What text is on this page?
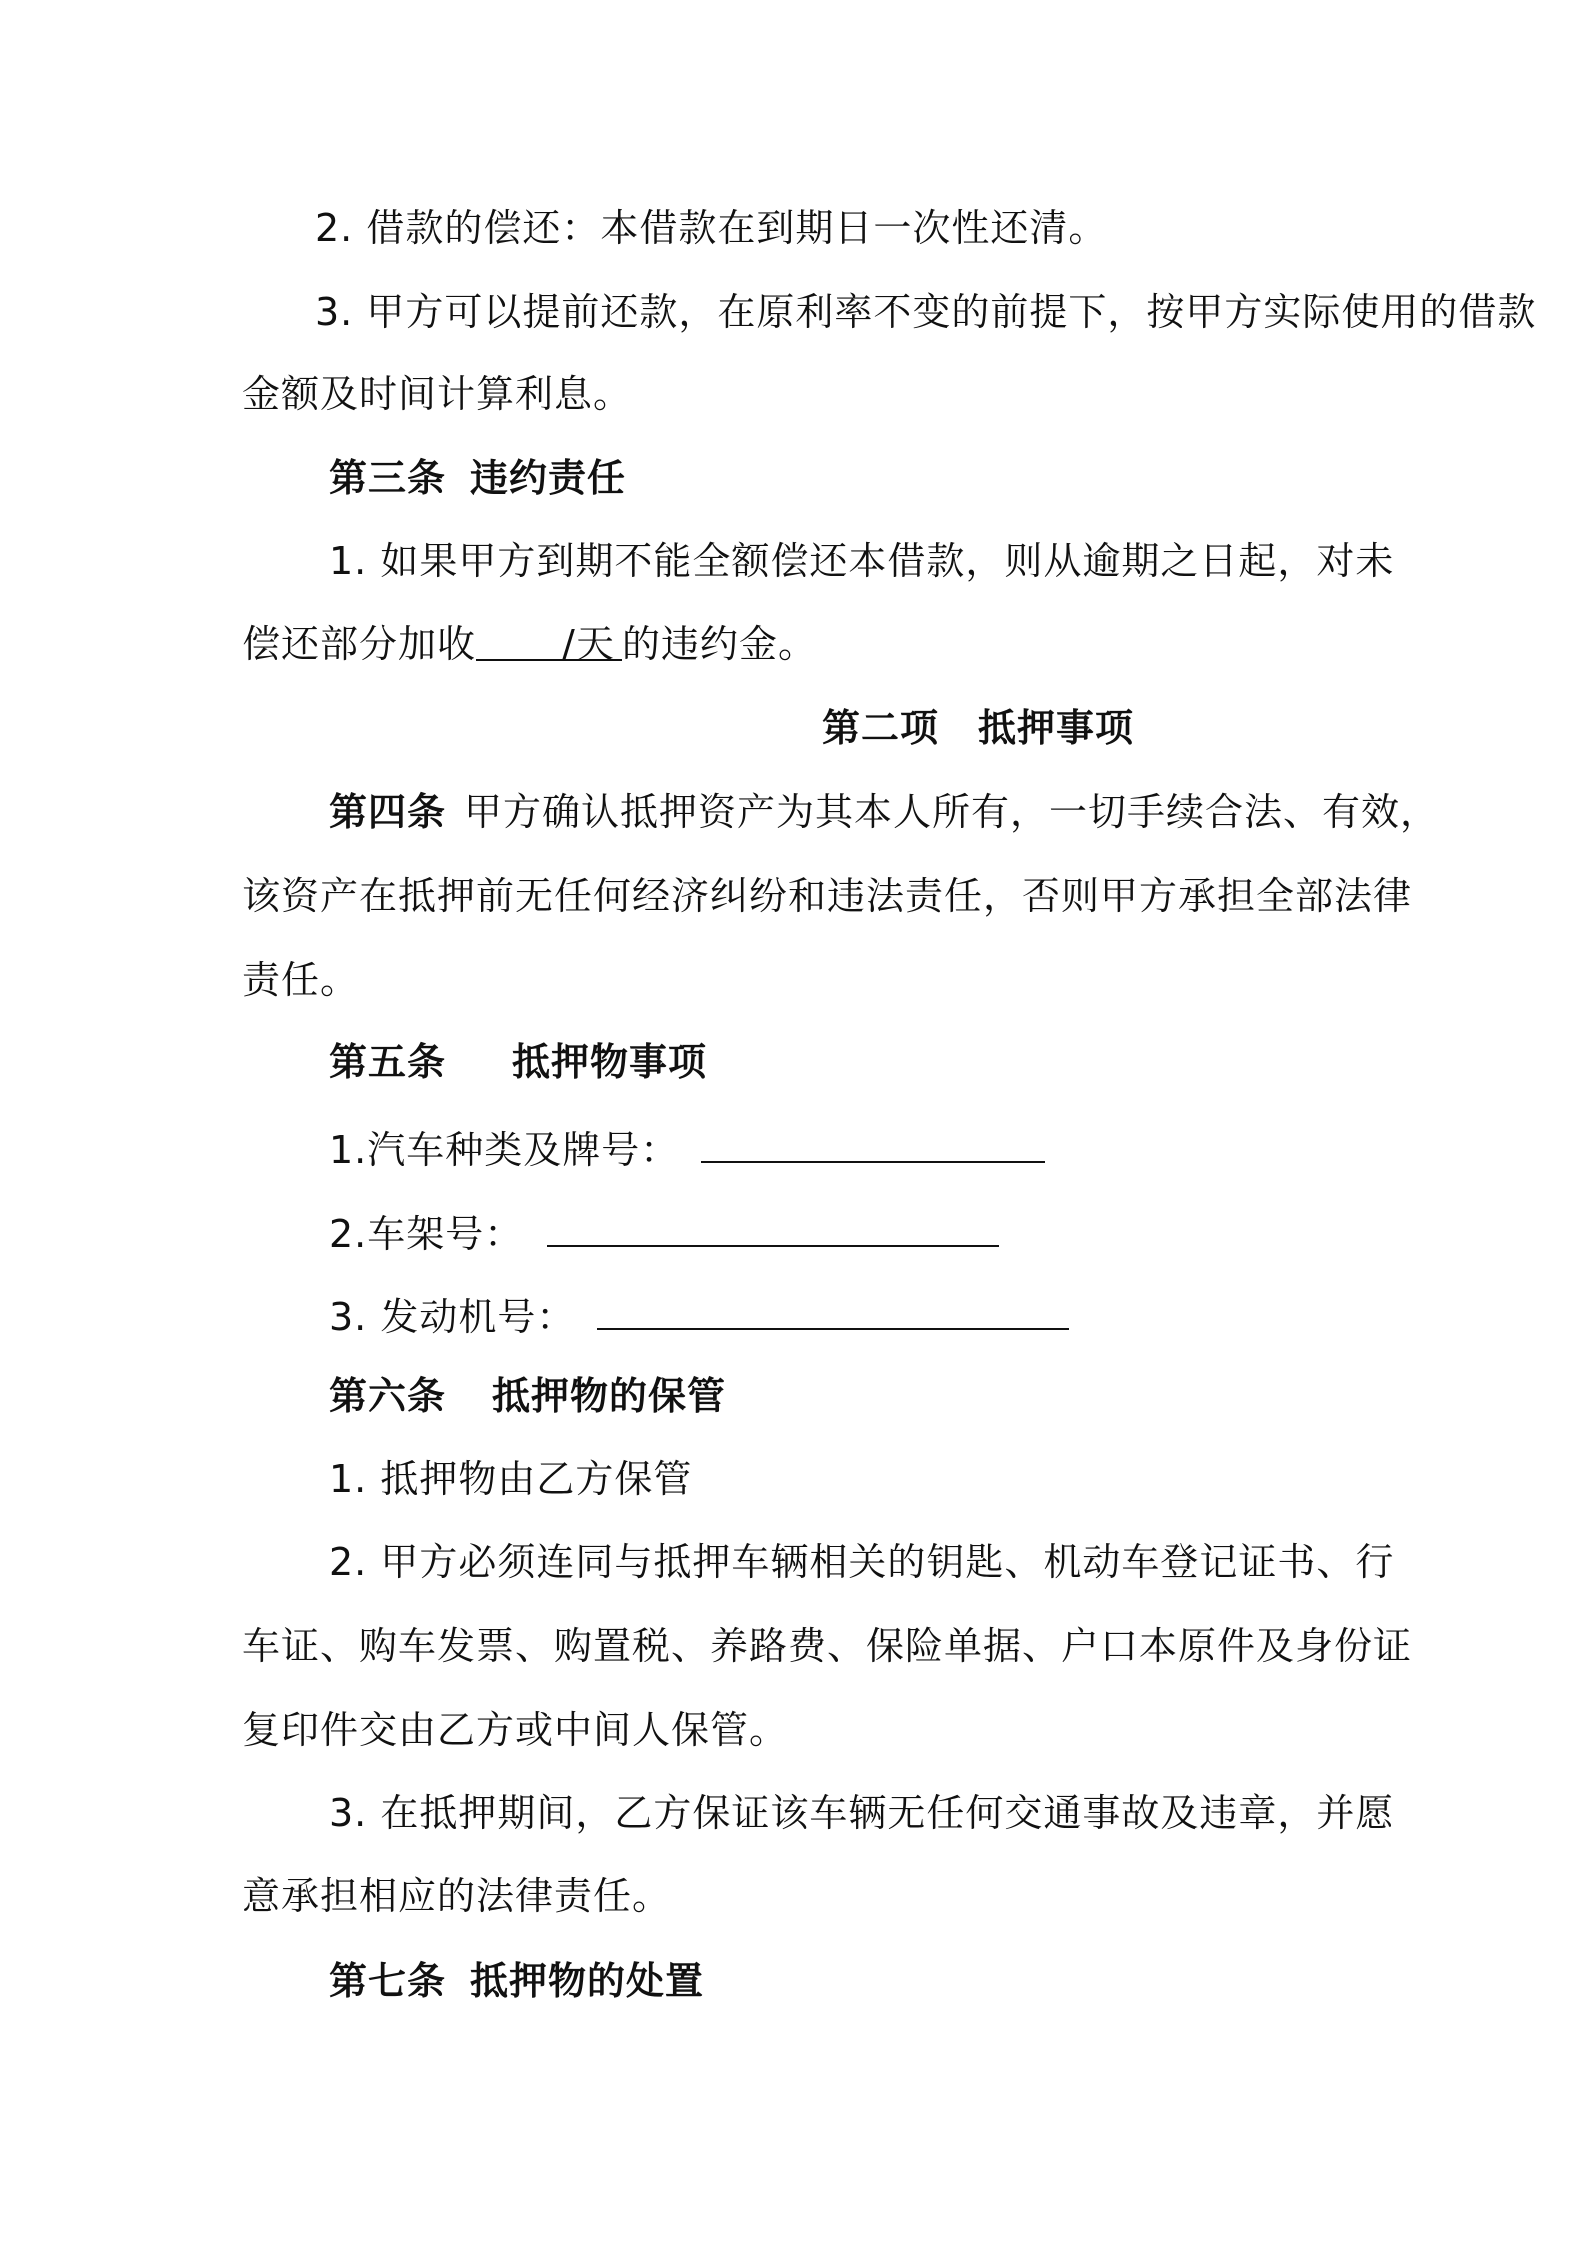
2. 借款的偿还：本借款在到期日一次性还清。
3. 甲方可以提前还款，在原利率不变的前提下，按甲方实际使用的借款
金额及时间计算利息。
第三条 违约责任
1. 如果甲方到期不能全额偿还本借款，则从逾期之日起，对未
偿还部分加收 /天 的违约金。
第二项　抵押事项
第四条 甲方确认抵押资产为其本人所有，一切手续合法、有效，
该资产在抵押前无任何经济纠纷和违法责任，否则甲方承担全部法律
责任。
第五条 抵押物事项
1.汽车种类及牌号：
2.车架号：
3. 发动机号：
第六条 抵押物的保管
1. 抵押物由乙方保管
2. 甲方必须连同与抵押车辆相关的钥匙、机动车登记证书、行
车证、购车发票、购置税、养路费、保险单据、户口本原件及身份证
复印件交由乙方或中间人保管。
3. 在抵押期间，乙方保证该车辆无任何交通事故及违章，并愿
意承担相应的法律责任。
第七条 抵押物的处置
